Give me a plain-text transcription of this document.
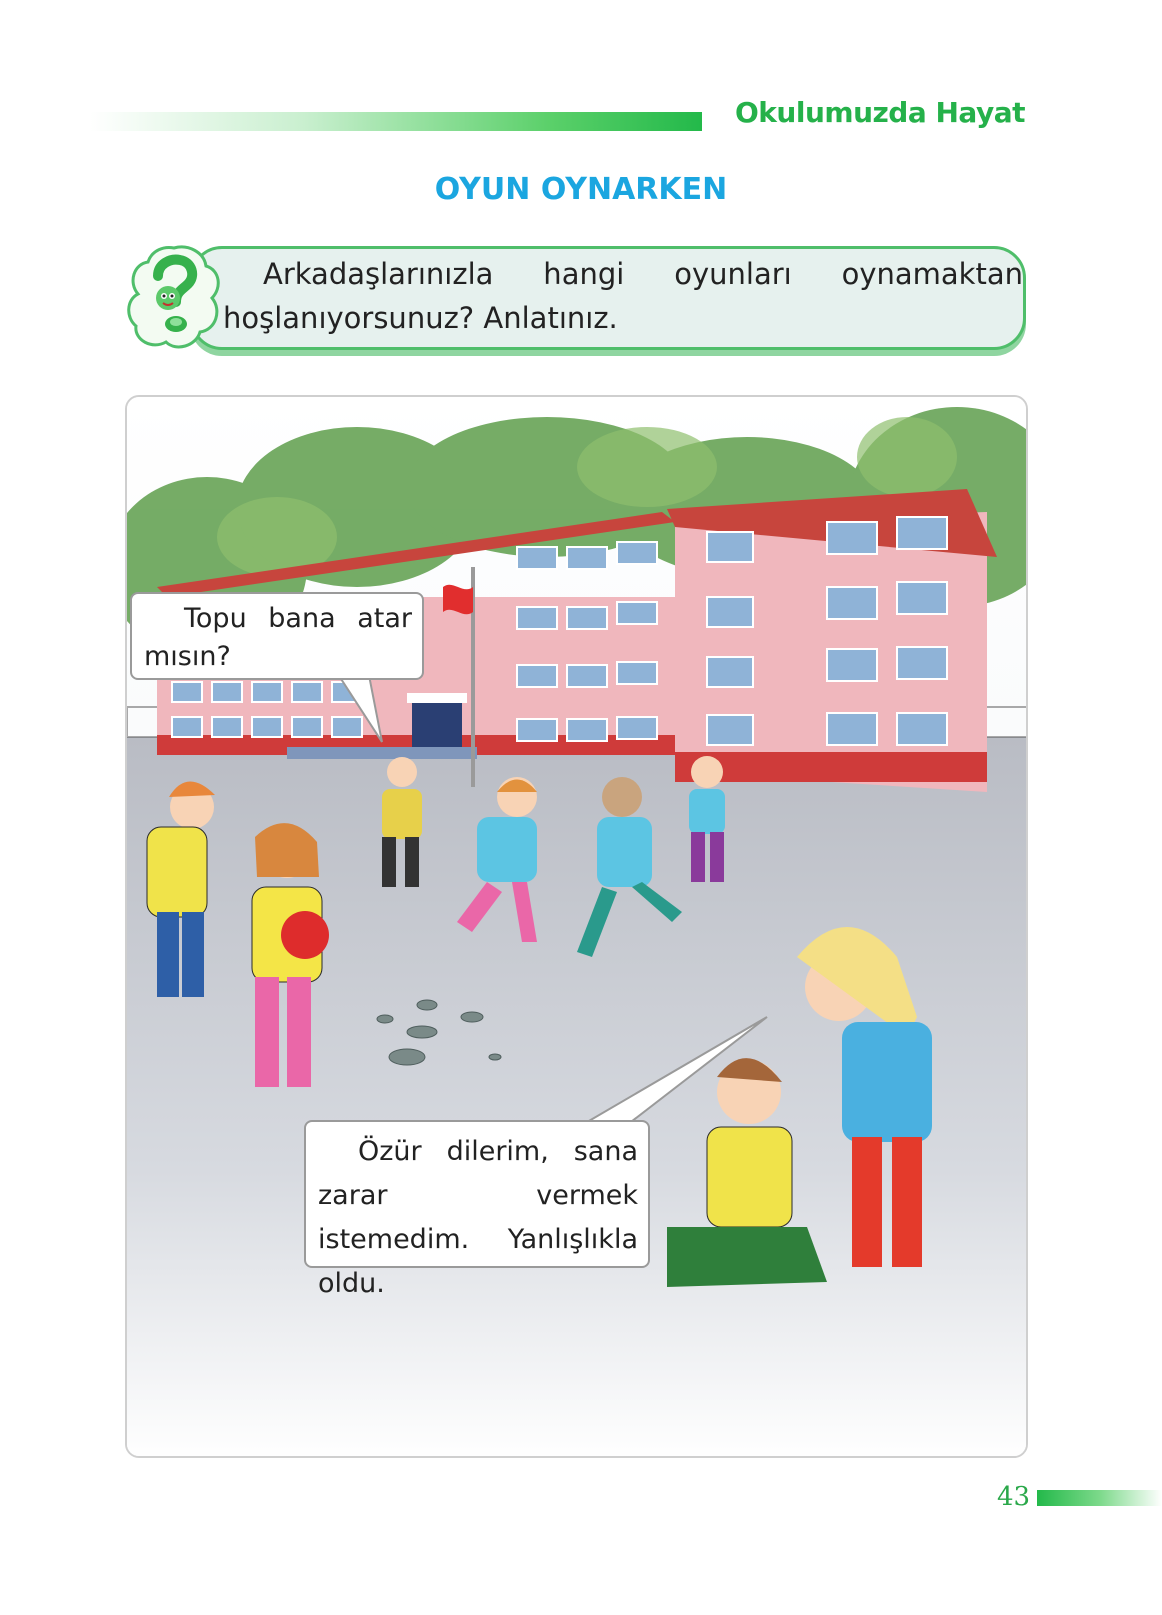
Okulumuzda Hayat
OYUN OYNARKEN
Arkadaşlarınızla hangi oyunları oynamaktan hoşlanıyorsunuz? Anlatınız.
Topu bana atar mısın?
Özür dilerim, sana zarar vermek istemedim. Yanlışlıkla oldu.
43
